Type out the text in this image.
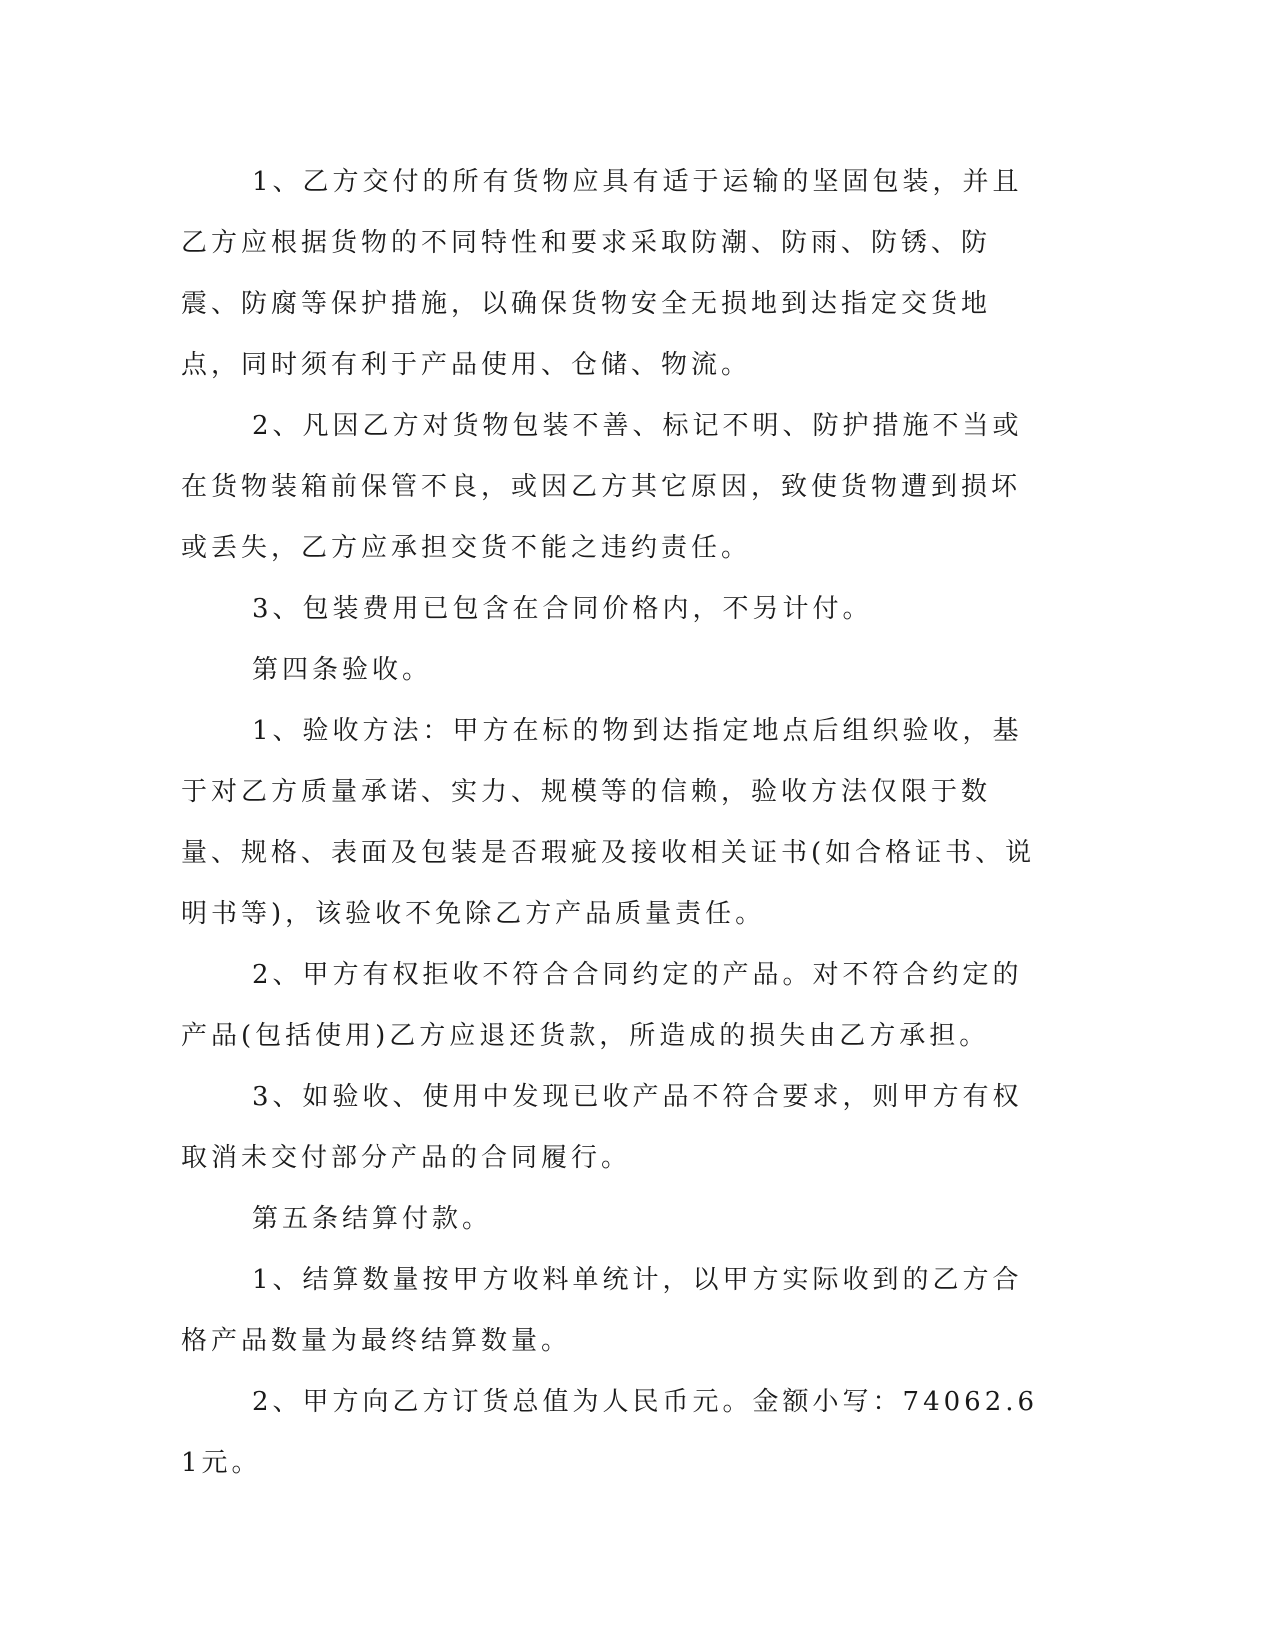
1、乙方交付的所有货物应具有适于运输的坚固包装，并且乙方应根据货物的不同特性和要求采取防潮、防雨、防锈、防震、防腐等保护措施，以确保货物安全无损地到达指定交货地点，同时须有利于产品使用、仓储、物流。

2、凡因乙方对货物包装不善、标记不明、防护措施不当或在货物装箱前保管不良，或因乙方其它原因，致使货物遭到损坏或丢失，乙方应承担交货不能之违约责任。

3、包装费用已包含在合同价格内，不另计付。

第四条验收。

1、验收方法：甲方在标的物到达指定地点后组织验收，基于对乙方质量承诺、实力、规模等的信赖，验收方法仅限于数量、规格、表面及包装是否瑕疵及接收相关证书(如合格证书、说明书等)，该验收不免除乙方产品质量责任。

2、甲方有权拒收不符合合同约定的产品。对不符合约定的产品(包括使用)乙方应退还货款，所造成的损失由乙方承担。

3、如验收、使用中发现已收产品不符合要求，则甲方有权取消未交付部分产品的合同履行。

第五条结算付款。

1、结算数量按甲方收料单统计，以甲方实际收到的乙方合格产品数量为最终结算数量。

2、甲方向乙方订货总值为人民币元。金额小写：74062.61元。
